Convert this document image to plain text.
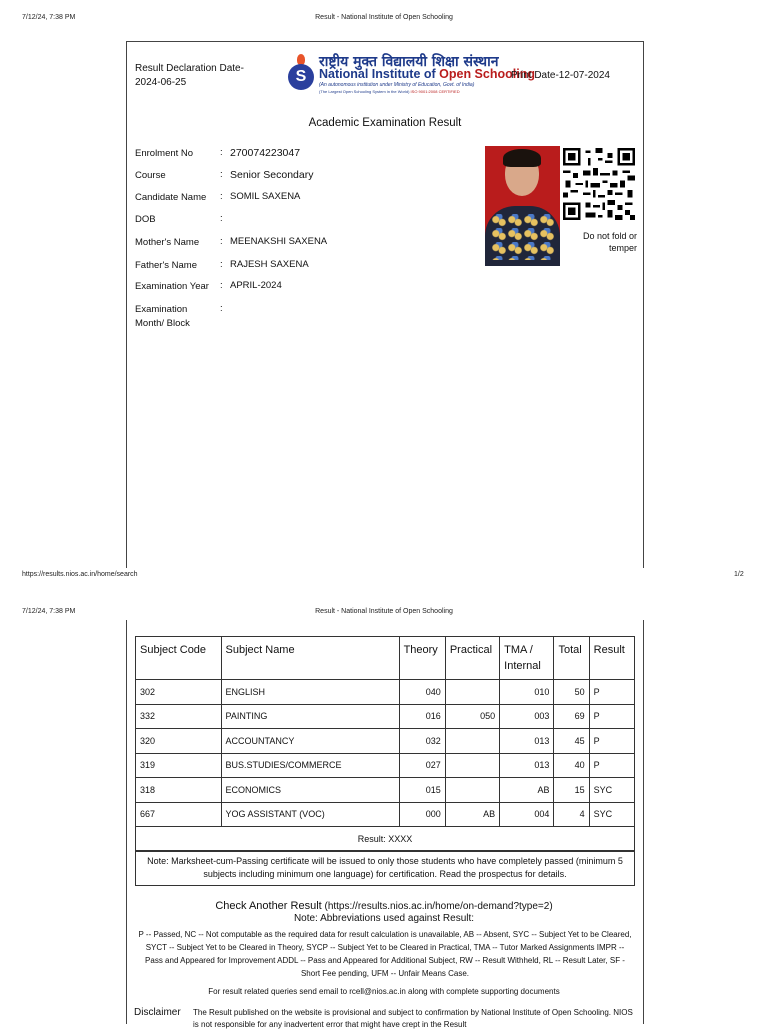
7/12/24, 7:38 PM	Result - National Institute of Open Schooling
Result Declaration Date-
2024-06-25	S
राष्ट्रीय मुक्त विद्यालयी शिक्षा संस्थान
National Institute of Open Schooling
(An autonomous institution under Ministry of Education, Govt. of India)
(The Largest Open Schooling System in the World) ISO 9001:2008 CERTIFIED
Print Date-12-07-2024
Academic Examination Result
Enrolment No	: 270074223047
Course	: Senior Secondary
Candidate Name	: SOMIL SAXENA
DOB	:
Mother's Name	: MEENAKSHI SAXENA
Father's Name	: RAJESH SAXENA
Examination Year	: APRIL-2024
Examination Month/ Block
:
Do not fold or temper
https://results.nios.ac.in/home/search	1/2
7/12/24, 7:38 PM	Result - National Institute of Open Schooling
Subject Code	Subject Name	Theory	Practical	TMA / Internal	Total	Result
302	ENGLISH	040		010	50	P
332	PAINTING	016	050	003	69	P
320	ACCOUNTANCY	032		013	45	P
319	BUS.STUDIES/COMMERCE	027		013	40	P
318	ECONOMICS	015		AB	15	SYC
667	YOG ASSISTANT (VOC)	000	AB	004	4	SYC
Result: XXXX						
Note: Marksheet-cum-Passing certificate will be issued to only those students who have completely passed (minimum 5 subjects including minimum one language) for certification. Read the prospectus for details.
Check Another Result (https://results.nios.ac.in/home/on-demand?type=2)
Note: Abbreviations used against Result:
P -- Passed, NC -- Not computable as the required data for result calculation is unavailable, AB -- Absent, SYC -- Subject Yet to be Cleared, SYCT -- Subject Yet to be Cleared in Theory, SYCP -- Subject Yet to be Cleared in Practical, TMA -- Tutor Marked Assignments IMPR -- Pass and Appeared for Improvement ADDL -- Pass and Appeared for Additional Subject, RW -- Result Withheld, RL -- Result Later, SF - Short Fee pending, UFM -- Unfair Means Case.
For result related queries send email to rcell@nios.ac.in along with complete supporting documents
Disclaimer The Result published on the website is provisional and subject to confirmation by National Institute of Open Schooling. NIOS is not responsible for any inadvertent error that might have crept in the Result
